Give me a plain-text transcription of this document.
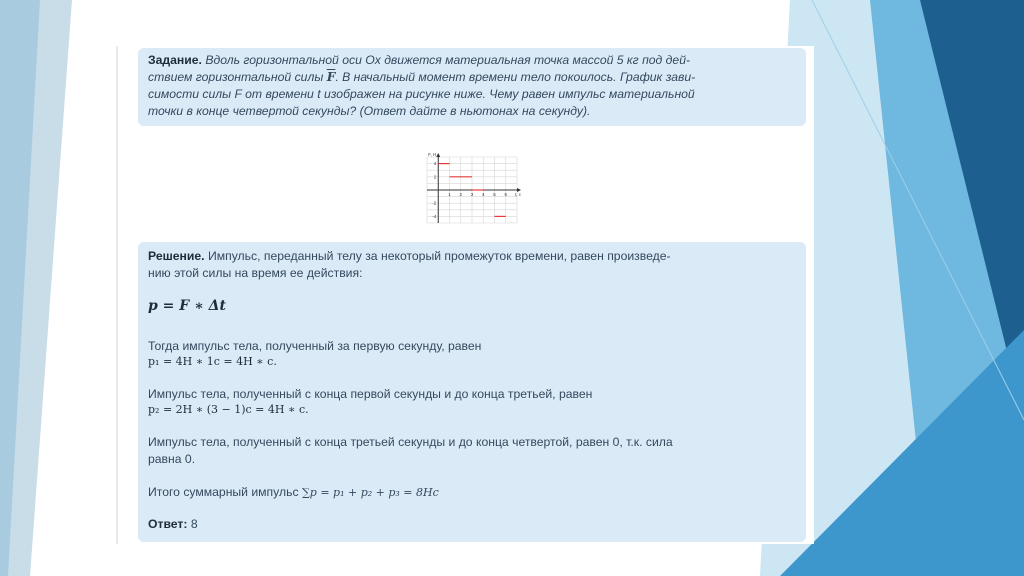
Задание. Вдоль горизонтальной оси Ox движется материальная точка массой 5 кг под дей-
ствием горизонтальной силы $\overline{F}$. В начальный момент времени тело покоилось. График зави-
симости силы F от времени t изображен на рисунке ниже. Чему равен импульс материальной
точки в конце четвертой секунды? (Ответ дайте в ньютонах на секунду).
1 2 3 4 5 6
4
2
-2
-4
F, H
t, c
Решение. Импульс, переданный телу за некоторый промежуток времени, равен произведе-
нию этой силы на время ее действия:
p = F ∗ Δt
Тогда импульс тела, полученный за первую секунду, равен
p₁ = 4H ∗ 1c = 4H ∗ c.
Импульс тела, полученный с конца первой секунды и до конца третьей, равен
p₂ = 2H ∗ (3 − 1)c = 4H ∗ c.
Импульс тела, полученный с конца третьей секунды и до конца четвертой, равен 0, т.к. сила
равна 0.
Итого суммарный импульс ∑p = p₁ + p₂ + p₃ = 8Hc
Ответ: 8
